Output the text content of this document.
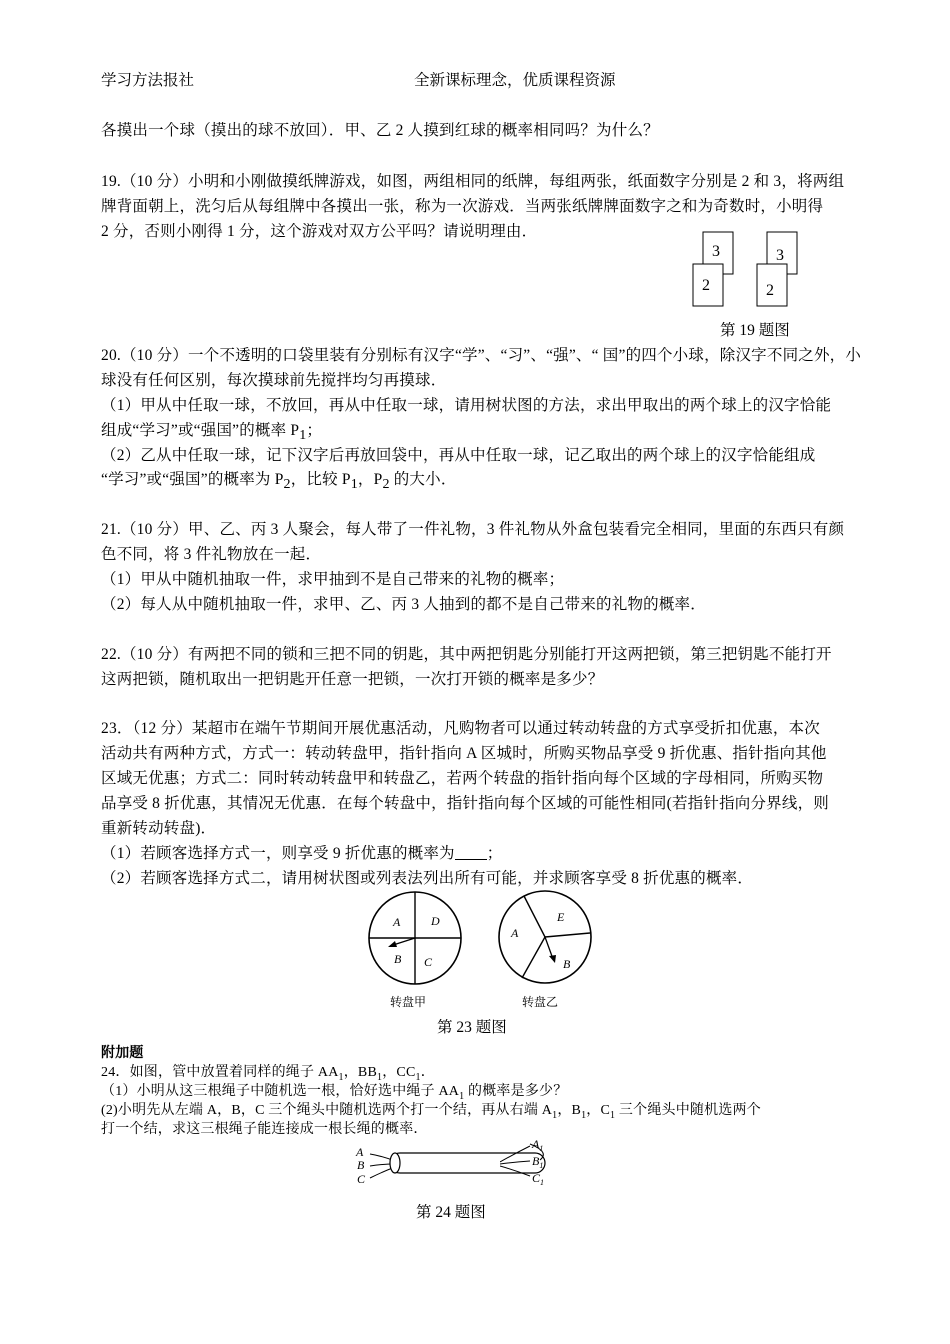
学习方法报社	全新课标理念，优质课程资源
各摸出一个球（摸出的球不放回）．甲、乙 2 人摸到红球的概率相同吗？为什么？
19.（10 分）小明和小刚做摸纸牌游戏，如图，两组相同的纸牌，每组两张，纸面数字分别是 2 和 3，将两组
牌背面朝上，洗匀后从每组牌中各摸出一张，称为一次游戏．当两张纸牌牌面数字之和为奇数时，小明得
2 分，否则小刚得 1 分，这个游戏对双方公平吗？请说明理由．
3
2
3
2
第 19 题图
20.（10 分）一个不透明的口袋里装有分别标有汉字“学”、“习”、“强”、“ 国”的四个小球，除汉字不同之外，小
球没有任何区别，每次摸球前先搅拌均匀再摸球．
（1）甲从中任取一球，不放回，再从中任取一球，请用树状图的方法，求出甲取出的两个球上的汉字恰能
组成“学习”或“强国”的概率 $P_1$；
（2）乙从中任取一球，记下汉字后再放回袋中，再从中任取一球，记乙取出的两个球上的汉字恰能组成
“学习”或“强国”的概率为 $P_2$，比较 $P_1$，$P_2$ 的大小．
21.（10 分）甲、乙、丙 3 人聚会，每人带了一件礼物，3 件礼物从外盒包装看完全相同，里面的东西只有颜
色不同，将 3 件礼物放在一起．
（1）甲从中随机抽取一件，求甲抽到不是自己带来的礼物的概率；
（2）每人从中随机抽取一件，求甲、乙、丙 3 人抽到的都不是自己带来的礼物的概率．
22.（10 分）有两把不同的锁和三把不同的钥匙，其中两把钥匙分别能打开这两把锁，第三把钥匙不能打开
这两把锁，随机取出一把钥匙开任意一把锁，一次打开锁的概率是多少？
23．（12 分）某超市在端午节期间开展优惠活动，凡购物者可以通过转动转盘的方式享受折扣优惠，本次
活动共有两种方式，方式一：转动转盘甲，指针指向 A 区城时，所购买物品享受 9 折优惠、指针指向其他
区域无优惠；方式二：同时转动转盘甲和转盘乙，若两个转盘的指针指向每个区域的字母相同，所购买物
品享受 8 折优惠，其情况无优惠．在每个转盘中，指针指向每个区域的可能性相同(若指针指向分界线，则
重新转动转盘)．
（1）若顾客选择方式一，则享受 9 折优惠的概率为 ；
（2）若顾客选择方式二，请用树状图或列表法列出所有可能，并求顾客享受 8 折优惠的概率．
A	D
B C
转盘甲
E
A
B
转盘乙
第 23 题图
附加题
24．如图，管中放置着同样的绳子 $AA_1$，$BB_1$，$CC_1$．
（1）小明从这三根绳子中随机选一根，恰好选中绳子 $AA_1$ 的概率是多少？
(2)小明先从左端 A，B，C 三个绳头中随机选两个打一个结，再从右端 $A_1$，$B_1$，$C_1$ 三个绳头中随机选两个
打一个结，求这三根绳子能连接成一根长绳的概率．
A
B
C
$A_1$
$B_1$
$C_1$
第 24 题图
